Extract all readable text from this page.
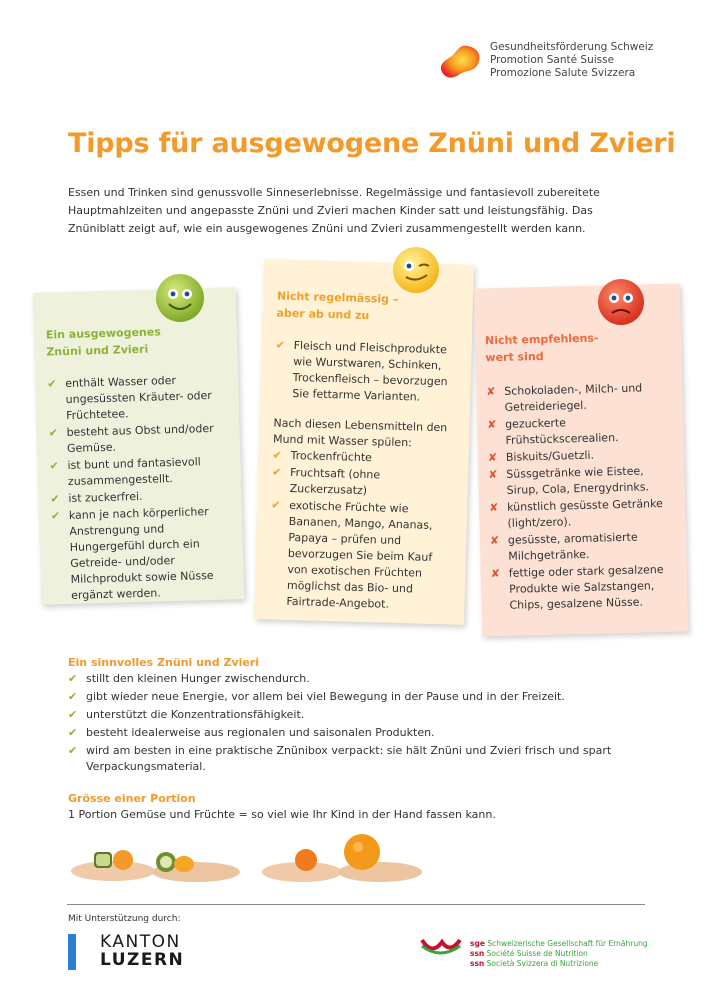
Gesundheitsförderung Schweiz
Promotion Santé Suisse
Promozione Salute Svizzera
Tipps für ausgewogene Znüni und Zvieri
Essen und Trinken sind genussvolle Sinneserlebnisse. Regelmässige und fantasievoll zubereitete Hauptmahlzeiten und angepasste Znüni und Zvieri machen Kinder satt und leistungsfähig. Das Znüniblatt zeigt auf, wie ein ausgewogenes Znüni und Zvieri zusammengestellt werden kann.
Ein ausgewogenes
Znüni und Zvieri
✔ enthält Wasser oder ungesüssten Kräuter- oder Früchtetee.
✔ besteht aus Obst und/oder Gemüse.
✔ ist bunt und fantasievoll zusammengestellt.
✔ ist zuckerfrei.
✔ kann je nach körperlicher Anstrengung und Hungergefühl durch ein Getreide- und/oder Milchprodukt sowie Nüsse ergänzt werden.
Nicht regelmässig –
aber ab und zu
✔ Fleisch und Fleischprodukte wie Wurstwaren, Schinken, Trockenfleisch – bevorzugen Sie fettarme Varianten.
Nach diesen Lebensmitteln den Mund mit Wasser spülen:
✔ Trockenfrüchte
✔ Fruchtsaft (ohne Zuckerzusatz)
✔ exotische Früchte wie Bananen, Mango, Ananas, Papaya – prüfen und bevorzugen Sie beim Kauf von exotischen Früchten möglichst das Bio- und Fairtrade-Angebot.
Nicht empfehlens-
wert sind
✘ Schokoladen-, Milch- und Getreideriegel.
✘ gezuckerte Frühstückscerealien.
✘ Biskuits/Guetzli.
✘ Süssgetränke wie Eistee, Sirup, Cola, Energydrinks.
✘ künstlich gesüsste Getränke (light/zero).
✘ gesüsste, aromatisierte Milchgetränke.
✘ fettige oder stark gesalzene Produkte wie Salzstangen, Chips, gesalzene Nüsse.
Ein sinnvolles Znüni und Zvieri
✔ stillt den kleinen Hunger zwischendurch.
✔ gibt wieder neue Energie, vor allem bei viel Bewegung in der Pause und in der Freizeit.
✔ unterstützt die Konzentrationsfähigkeit.
✔ besteht idealerweise aus regionalen und saisonalen Produkten.
✔ wird am besten in eine praktische Znünibox verpackt: sie hält Znüni und Zvieri frisch und spart Verpackungsmaterial.
Grösse einer Portion
1 Portion Gemüse und Früchte = so viel wie Ihr Kind in der Hand fassen kann.
Mit Unterstützung durch:
KANTON
LUZERN
sge Schweizerische Gesellschaft für Ernährung
ssn Société Suisse de Nutrition
ssn Società Svizzera di Nutrizione
